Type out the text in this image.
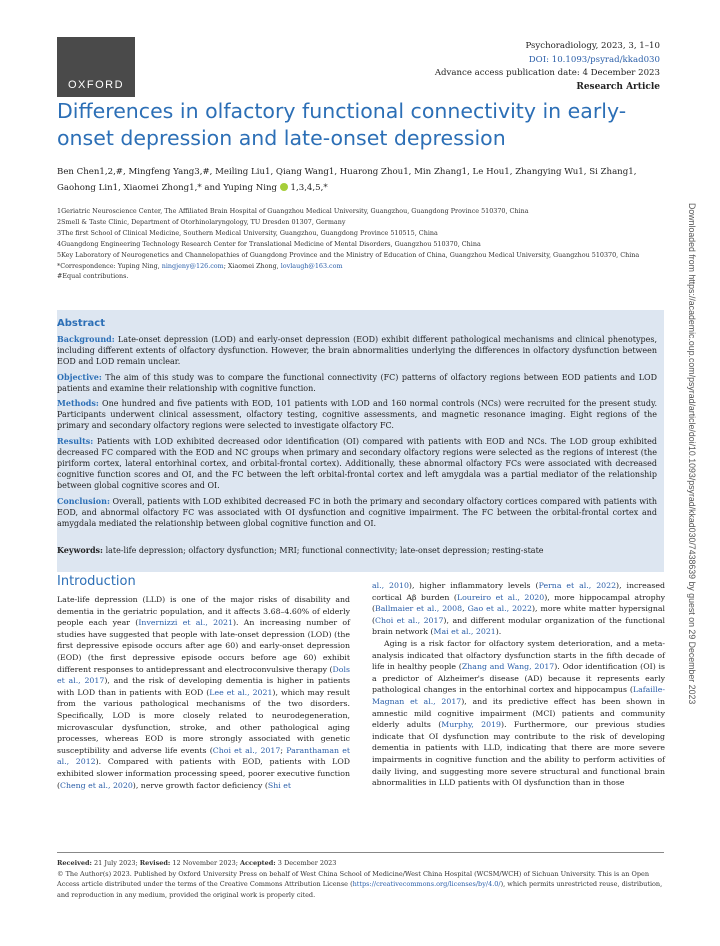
OXFORD
Psychoradiology, 2023, 3, 1–10
DOI: 10.1093/psyrad/kkad030
Advance access publication date: 4 December 2023
Research Article
Differences in olfactory functional connectivity in early-onset depression and late-onset depression
Ben Chen1,2,#, Mingfeng Yang3,#, Meiling Liu1, Qiang Wang1, Huarong Zhou1, Min Zhang1, Le Hou1, Zhangying Wu1, Si Zhang1,
Gaohong Lin1, Xiaomei Zhong1,* and Yuping Ning 1,3,4,5,*
1Geriatric Neuroscience Center, The Affiliated Brain Hospital of Guangzhou Medical University, Guangzhou, Guangdong Province 510370, China
2Smell & Taste Clinic, Department of Otorhinolaryngology, TU Dresden 01307, Germany
3The first School of Clinical Medicine, Southern Medical University, Guangzhou, Guangdong Province 510515, China
4Guangdong Engineering Technology Research Center for Translational Medicine of Mental Disorders, Guangzhou 510370, China
5Key Laboratory of Neurogenetics and Channelopathies of Guangdong Province and the Ministry of Education of China, Guangzhou Medical University, Guangzhou 510370, China
*Correspondence: Yuping Ning, ningjeny@126.com; Xiaomei Zhong, lovlaugh@163.com
#Equal contributions.
Abstract

Background: Late-onset depression (LOD) and early-onset depression (EOD) exhibit different pathological mechanisms and clinical phenotypes, including different extents of olfactory dysfunction. However, the brain abnormalities underlying the differences in olfactory dysfunction between EOD and LOD remain unclear.

Objective: The aim of this study was to compare the functional connectivity (FC) patterns of olfactory regions between EOD patients and LOD patients and examine their relationship with cognitive function.

Methods: One hundred and five patients with EOD, 101 patients with LOD and 160 normal controls (NCs) were recruited for the present study. Participants underwent clinical assessment, olfactory testing, cognitive assessments, and magnetic resonance imaging. Eight regions of the primary and secondary olfactory regions were selected to investigate olfactory FC.

Results: Patients with LOD exhibited decreased odor identification (OI) compared with patients with EOD and NCs. The LOD group exhibited decreased FC compared with the EOD and NC groups when primary and secondary olfactory regions were selected as the regions of interest (the piriform cortex, lateral entorhinal cortex, and orbital-frontal cortex). Additionally, these abnormal olfactory FCs were associated with decreased cognitive function scores and OI, and the FC between the left orbital-frontal cortex and left amygdala was a partial mediator of the relationship between global cognitive scores and OI.

Conclusion: Overall, patients with LOD exhibited decreased FC in both the primary and secondary olfactory cortices compared with patients with EOD, and abnormal olfactory FC was associated with OI dysfunction and cognitive impairment. The FC between the orbital-frontal cortex and amygdala mediated the relationship between global cognitive function and OI.

Keywords: late-life depression; olfactory dysfunction; MRI; functional connectivity; late-onset depression; resting-state
Introduction

Late-life depression (LLD) is one of the major risks of disability and dementia in the geriatric population, and it affects 3.68–4.60% of elderly people each year (Invernizzi et al., 2021). An increasing number of studies have suggested that people with late-onset depression (LOD) (the first depressive episode occurs after age 60) and early-onset depression (EOD) (the first depressive episode occurs before age 60) exhibit different responses to antidepressant and electroconvulsive therapy (Dols et al., 2017), and the risk of developing dementia is higher in patients with LOD than in patients with EOD (Lee et al., 2021), which may result from the various pathological mechanisms of the two disorders. Specifically, LOD is more closely related to neurodegeneration, microvascular dysfunction, stroke, and other pathological aging processes, whereas EOD is more strongly associated with genetic susceptibility and adverse life events (Choi et al., 2017; Paranthaman et al., 2012). Compared with patients with EOD, patients with LOD exhibited slower information processing speed, poorer executive function (Cheng et al., 2020), nerve growth factor deficiency (Shi et

al., 2010), higher inflammatory levels (Perna et al., 2022), increased cortical Aβ burden (Loureiro et al., 2020), more hippocampal atrophy (Ballmaier et al., 2008, Gao et al., 2022), more white matter hypersignal (Choi et al., 2017), and different modular organization of the functional brain network (Mai et al., 2021).

Aging is a risk factor for olfactory system deterioration, and a meta-analysis indicated that olfactory dysfunction starts in the fifth decade of life in healthy people (Zhang and Wang, 2017). Odor identification (OI) is a predictor of Alzheimer's disease (AD) because it represents early pathological changes in the entorhinal cortex and hippocampus (Lafaille-Magnan et al., 2017), and its predictive effect has been shown in amnestic mild cognitive impairment (MCI) patients and community elderly adults (Murphy, 2019). Furthermore, our previous studies indicate that OI dysfunction may contribute to the risk of developing dementia in patients with LLD, indicating that there are more severe impairments in cognitive function and the ability to perform activities of daily living, and suggesting more severe structural and functional brain abnormalities in LLD patients with OI dysfunction than in those

Downloaded from https://academic.oup.com/psyrad/article/doi/10.1093/psyrad/kkad030/7438639 by guest on 29 December 2023
Received: 21 July 2023; Revised: 12 November 2023; Accepted: 3 December 2023
© The Author(s) 2023. Published by Oxford University Press on behalf of West China School of Medicine/West China Hospital (WCSM/WCH) of Sichuan University. This is an Open Access article distributed under the terms of the Creative Commons Attribution License (https://creativecommons.org/licenses/by/4.0/), which permits unrestricted reuse, distribution, and reproduction in any medium, provided the original work is properly cited.
